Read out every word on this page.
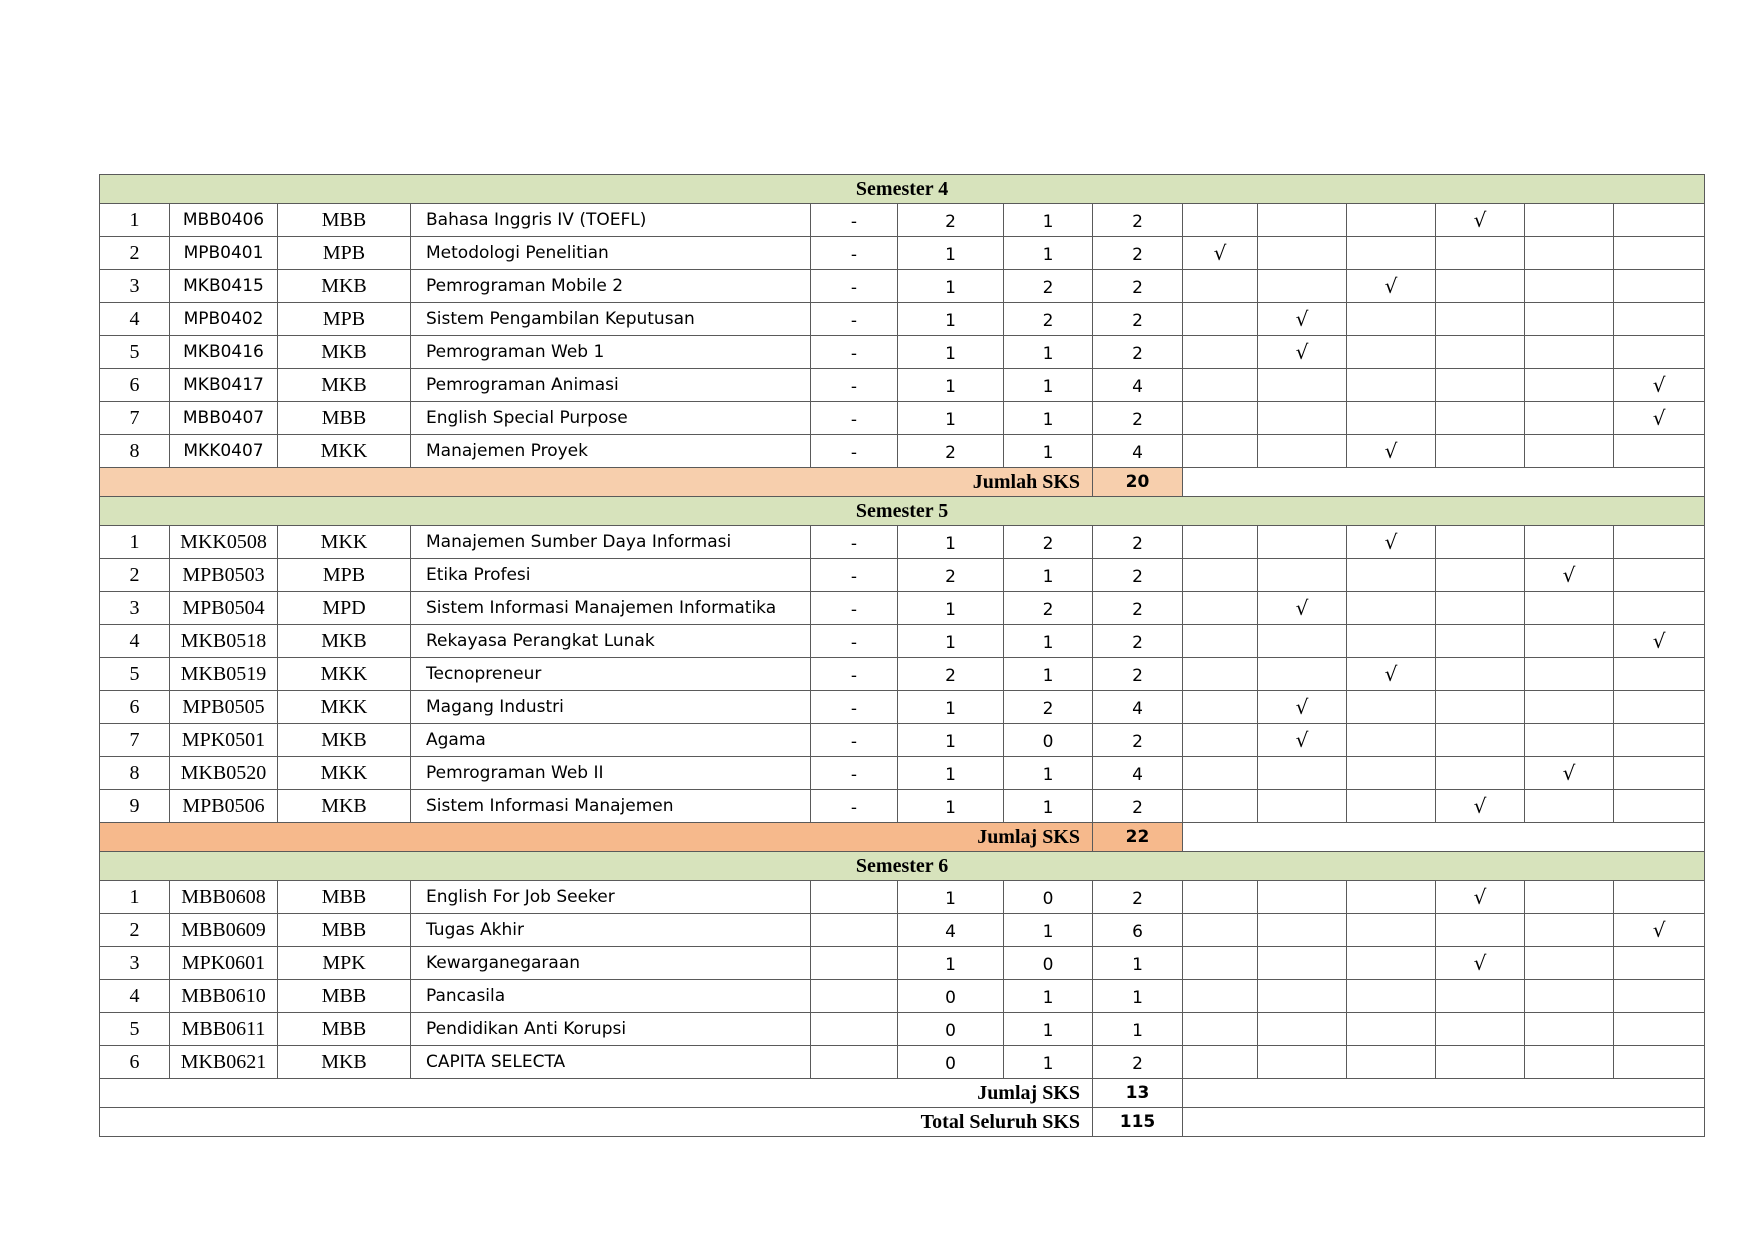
Semester 4													
1	MBB0406	MBB	Bahasa Inggris IV (TOEFL)	-	2	1	2				√		
2	MPB0401	MPB	Metodologi Penelitian	-	1	1	2	√					
3	MKB0415	MKB	Pemrograman Mobile 2	-	1	2	2			√			
4	MPB0402	MPB	Sistem Pengambilan Keputusan	-	1	2	2		√				
5	MKB0416	MKB	Pemrograman Web 1	-	1	1	2		√				
6	MKB0417	MKB	Pemrograman Animasi	-	1	1	4						√
7	MBB0407	MBB	English Special Purpose	-	1	1	2						√
8	MKK0407	MKK	Manajemen Proyek	-	2	1	4			√			
Jumlah SKS							20						
Semester 5													
1	MKK0508	MKK	Manajemen Sumber Daya Informasi	-	1	2	2			√			
2	MPB0503	MPB	Etika Profesi	-	2	1	2					√	
3	MPB0504	MPD	Sistem Informasi Manajemen Informatika	-	1	2	2		√				
4	MKB0518	MKB	Rekayasa Perangkat Lunak	-	1	1	2						√
5	MKB0519	MKK	Tecnopreneur	-	2	1	2			√			
6	MPB0505	MKK	Magang Industri	-	1	2	4		√				
7	MPK0501	MKB	Agama	-	1	0	2		√				
8	MKB0520	MKK	Pemrograman Web II	-	1	1	4					√	
9	MPB0506	MKB	Sistem Informasi Manajemen	-	1	1	2				√		
Jumlaj SKS							22						
Semester 6													
1	MBB0608	MBB	English For Job Seeker		1	0	2				√		
2	MBB0609	MBB	Tugas Akhir		4	1	6						√
3	MPK0601	MPK	Kewarganegaraan		1	0	1				√		
4	MBB0610	MBB	Pancasila		0	1	1						
5	MBB0611	MBB	Pendidikan Anti Korupsi		0	1	1						
6	MKB0621	MKB	CAPITA SELECTA		0	1	2						
Jumlaj SKS							13						
Total Seluruh SKS							115						
